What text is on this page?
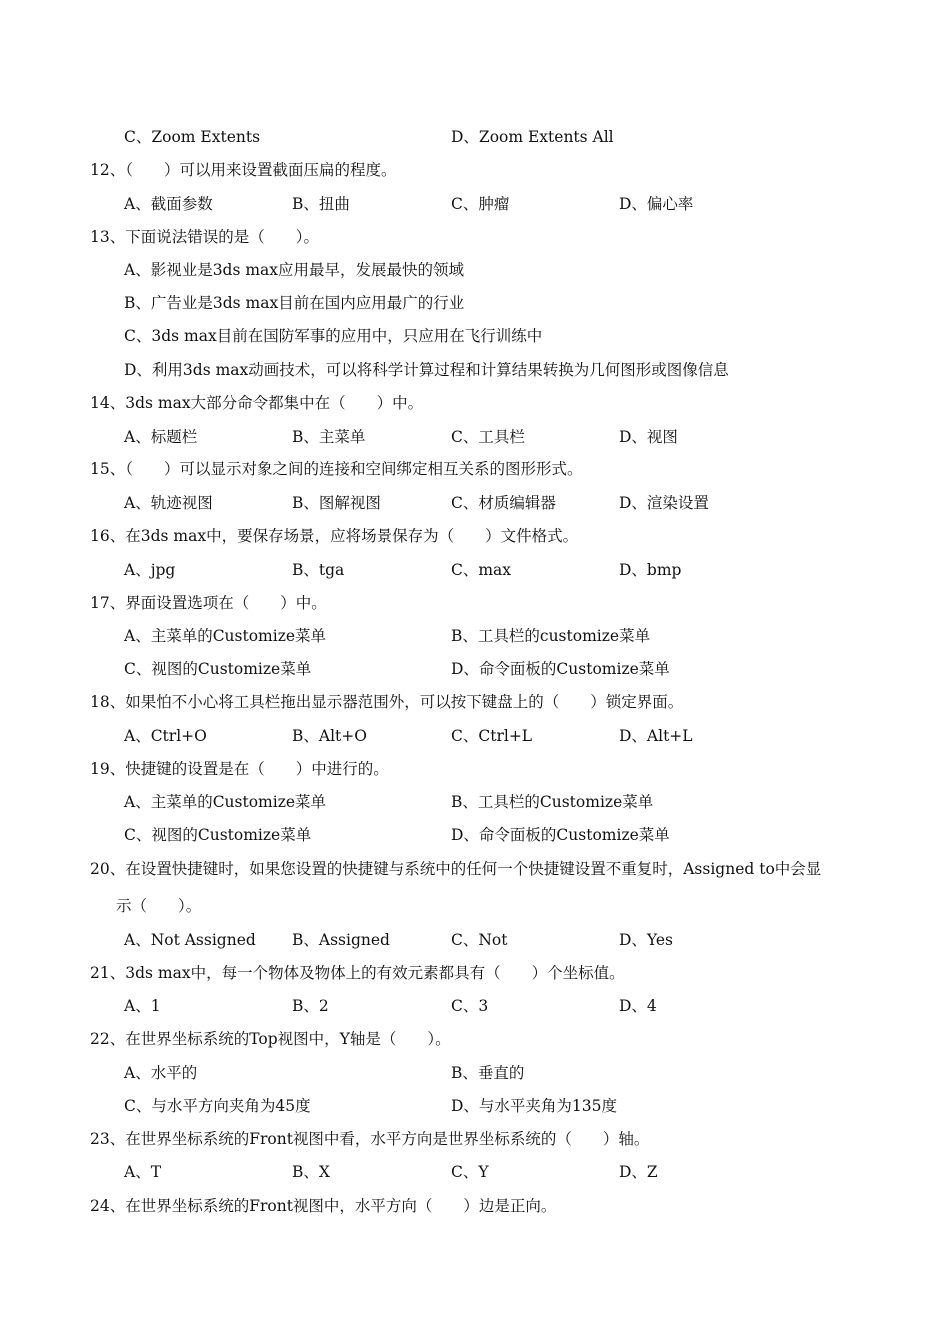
C、Zoom Extents	D、Zoom Extents All
12、（　　）可以用来设置截面压扁的程度。
A、截面参数	B、扭曲	C、肿瘤	D、偏心率
13、下面说法错误的是（　　）。
A、影视业是3ds max应用最早，发展最快的领域
B、广告业是3ds max目前在国内应用最广的行业
C、3ds max目前在国防军事的应用中，只应用在飞行训练中
D、利用3ds max动画技术，可以将科学计算过程和计算结果转换为几何图形或图像信息
14、3ds max大部分命令都集中在（　　）中。
A、标题栏	B、主菜单	C、工具栏	D、视图
15、（　　）可以显示对象之间的连接和空间绑定相互关系的图形形式。
A、轨迹视图	B、图解视图	C、材质编辑器	D、渲染设置
16、在3ds max中，要保存场景，应将场景保存为（　　）文件格式。
A、jpg	B、tga	C、max	D、bmp
17、界面设置选项在（　　）中。
A、主菜单的Customize菜单	B、工具栏的customize菜单
C、视图的Customize菜单	D、命令面板的Customize菜单
18、如果怕不小心将工具栏拖出显示器范围外，可以按下键盘上的（　　）锁定界面。
A、Ctrl+O	B、Alt+O	C、Ctrl+L	D、Alt+L
19、快捷键的设置是在（　　）中进行的。
A、主菜单的Customize菜单	B、工具栏的Customize菜单
C、视图的Customize菜单	D、命令面板的Customize菜单
20、在设置快捷键时，如果您设置的快捷键与系统中的任何一个快捷键设置不重复时，Assigned to中会显
示（　　）。
A、Not Assigned B、Assigned	C、Not	D、Yes
21、3ds max中，每一个物体及物体上的有效元素都具有（　　）个坐标值。
A、1	B、2	C、3	D、4
22、在世界坐标系统的Top视图中，Y轴是（　　）。
A、水平的	B、垂直的
C、与水平方向夹角为45度	D、与水平夹角为135度
23、在世界坐标系统的Front视图中看，水平方向是世界坐标系统的（　　）轴。
A、T	B、X	C、Y	D、Z
24、在世界坐标系统的Front视图中，水平方向（　　）边是正向。
